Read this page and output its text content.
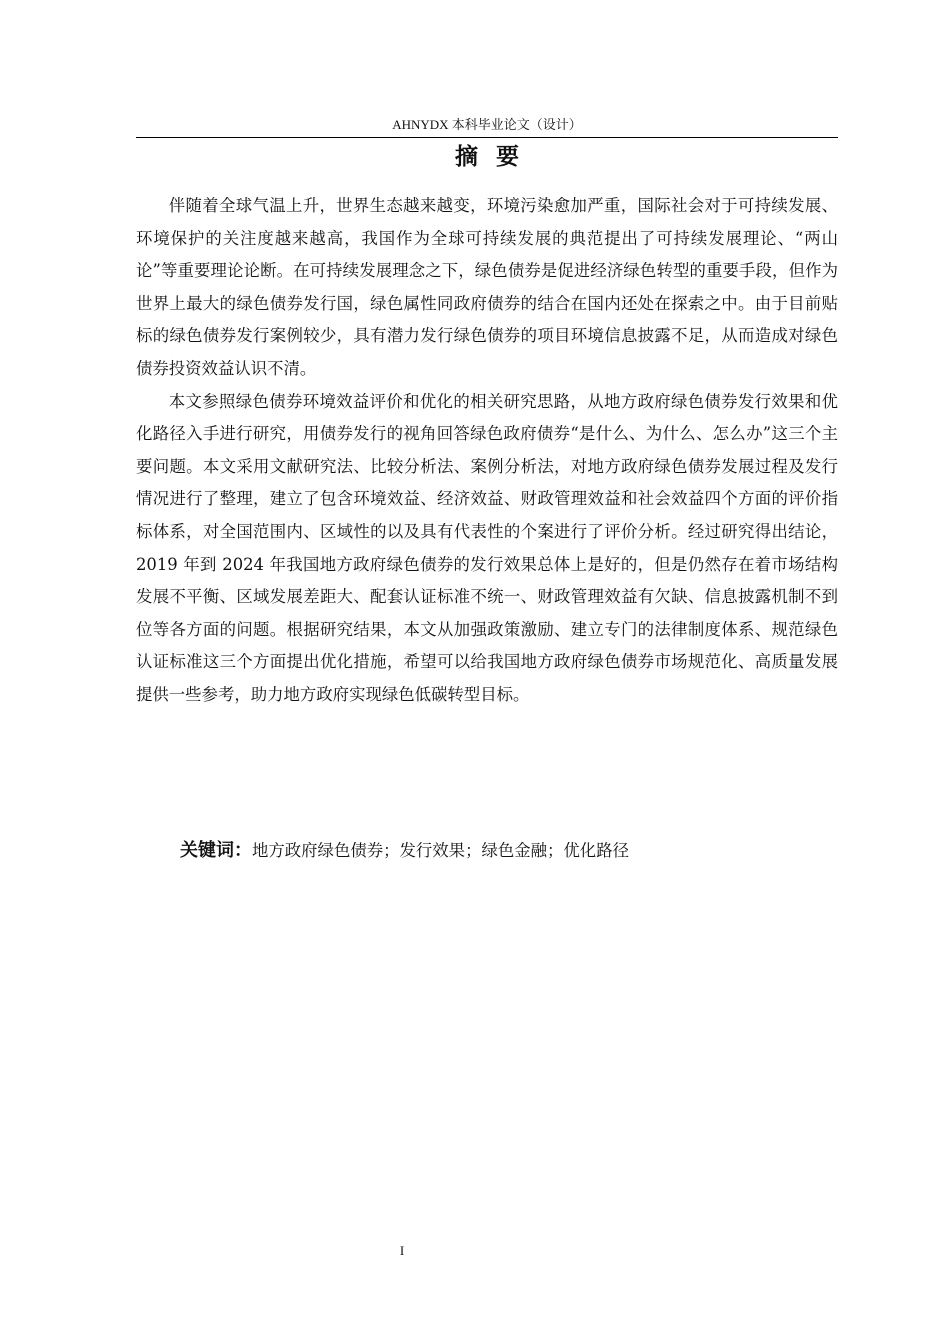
AHNYDX 本科毕业论文（设计）
摘要

伴随着全球气温上升，世界生态越来越变，环境污染愈加严重，国际社会对于可持续发展、环境保护的关注度越来越高，我国作为全球可持续发展的典范提出了可持续发展理论、“两山论”等重要理论论断。在可持续发展理念之下，绿色债券是促进经济绿色转型的重要手段，但作为世界上最大的绿色债券发行国，绿色属性同政府债券的结合在国内还处在探索之中。由于目前贴标的绿色债券发行案例较少，具有潜力发行绿色债券的项目环境信息披露不足，从而造成对绿色债券投资效益认识不清。

本文参照绿色债券环境效益评价和优化的相关研究思路，从地方政府绿色债券发行效果和优化路径入手进行研究，用债券发行的视角回答绿色政府债券“是什么、为什么、怎么办”这三个主要问题。本文采用文献研究法、比较分析法、案例分析法，对地方政府绿色债券发展过程及发行情况进行了整理，建立了包含环境效益、经济效益、财政管理效益和社会效益四个方面的评价指标体系，对全国范围内、区域性的以及具有代表性的个案进行了评价分析。经过研究得出结论，2019 年到 2024 年我国地方政府绿色债券的发行效果总体上是好的，但是仍然存在着市场结构发展不平衡、区域发展差距大、配套认证标准不统一、财政管理效益有欠缺、信息披露机制不到位等各方面的问题。根据研究结果，本文从加强政策激励、建立专门的法律制度体系、规范绿色认证标准这三个方面提出优化措施，希望可以给我国地方政府绿色债券市场规范化、高质量发展提供一些参考，助力地方政府实现绿色低碳转型目标。

关键词：地方政府绿色债券；发行效果；绿色金融；优化路径
I
